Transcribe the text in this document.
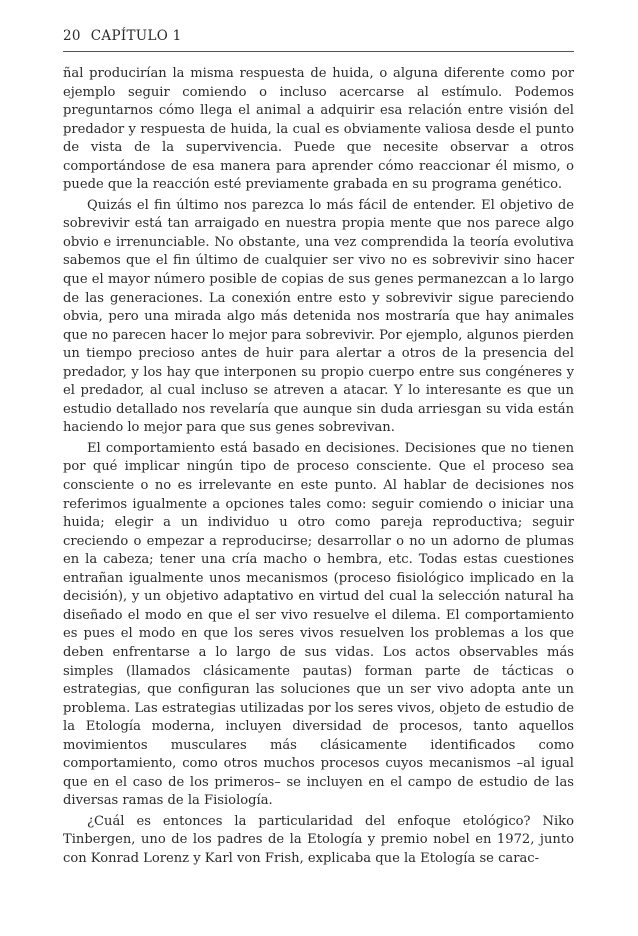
20 CAPÍTULO 1

ñal producirían la misma respuesta de huida, o alguna diferente como por ejemplo seguir comiendo o incluso acercarse al estímulo. Podemos preguntarnos cómo llega el animal a adquirir esa relación entre visión del predador y respuesta de huida, la cual es obviamente valiosa desde el punto de vista de la supervivencia. Puede que necesite observar a otros comportándose de esa manera para aprender cómo reaccionar él mismo, o puede que la reacción esté previamente grabada en su programa genético.

Quizás el fin último nos parezca lo más fácil de entender. El objetivo de sobrevivir está tan arraigado en nuestra propia mente que nos parece algo obvio e irrenunciable. No obstante, una vez comprendida la teoría evolutiva sabemos que el fin último de cualquier ser vivo no es sobrevivir sino hacer que el mayor número posible de copias de sus genes permanezcan a lo largo de las generaciones. La conexión entre esto y sobrevivir sigue pareciendo obvia, pero una mirada algo más detenida nos mostraría que hay animales que no parecen hacer lo mejor para sobrevivir. Por ejemplo, algunos pierden un tiempo precioso antes de huir para alertar a otros de la presencia del predador, y los hay que interponen su propio cuerpo entre sus congéneres y el predador, al cual incluso se atreven a atacar. Y lo interesante es que un estudio detallado nos revelaría que aunque sin duda arriesgan su vida están haciendo lo mejor para que sus genes sobrevivan.

El comportamiento está basado en decisiones. Decisiones que no tienen por qué implicar ningún tipo de proceso consciente. Que el proceso sea consciente o no es irrelevante en este punto. Al hablar de decisiones nos referimos igualmente a opciones tales como: seguir comiendo o iniciar una huida; elegir a un individuo u otro como pareja reproductiva; seguir creciendo o empezar a reproducirse; desarrollar o no un adorno de plumas en la cabeza; tener una cría macho o hembra, etc. Todas estas cuestiones entrañan igualmente unos mecanismos (proceso fisiológico implicado en la decisión), y un objetivo adaptativo en virtud del cual la selección natural ha diseñado el modo en que el ser vivo resuelve el dilema. El comportamiento es pues el modo en que los seres vivos resuelven los problemas a los que deben enfrentarse a lo largo de sus vidas. Los actos observables más simples (llamados clásicamente pautas) forman parte de tácticas o estrategias, que configuran las soluciones que un ser vivo adopta ante un problema. Las estrategias utilizadas por los seres vivos, objeto de estudio de la Etología moderna, incluyen diversidad de procesos, tanto aquellos movimientos musculares más clásicamente identificados como comportamiento, como otros muchos procesos cuyos mecanismos –al igual que en el caso de los primeros– se incluyen en el campo de estudio de las diversas ramas de la Fisiología.

¿Cuál es entonces la particularidad del enfoque etológico? Niko Tinbergen, uno de los padres de la Etología y premio nobel en 1972, junto con Konrad Lorenz y Karl von Frish, explicaba que la Etología se carac-
